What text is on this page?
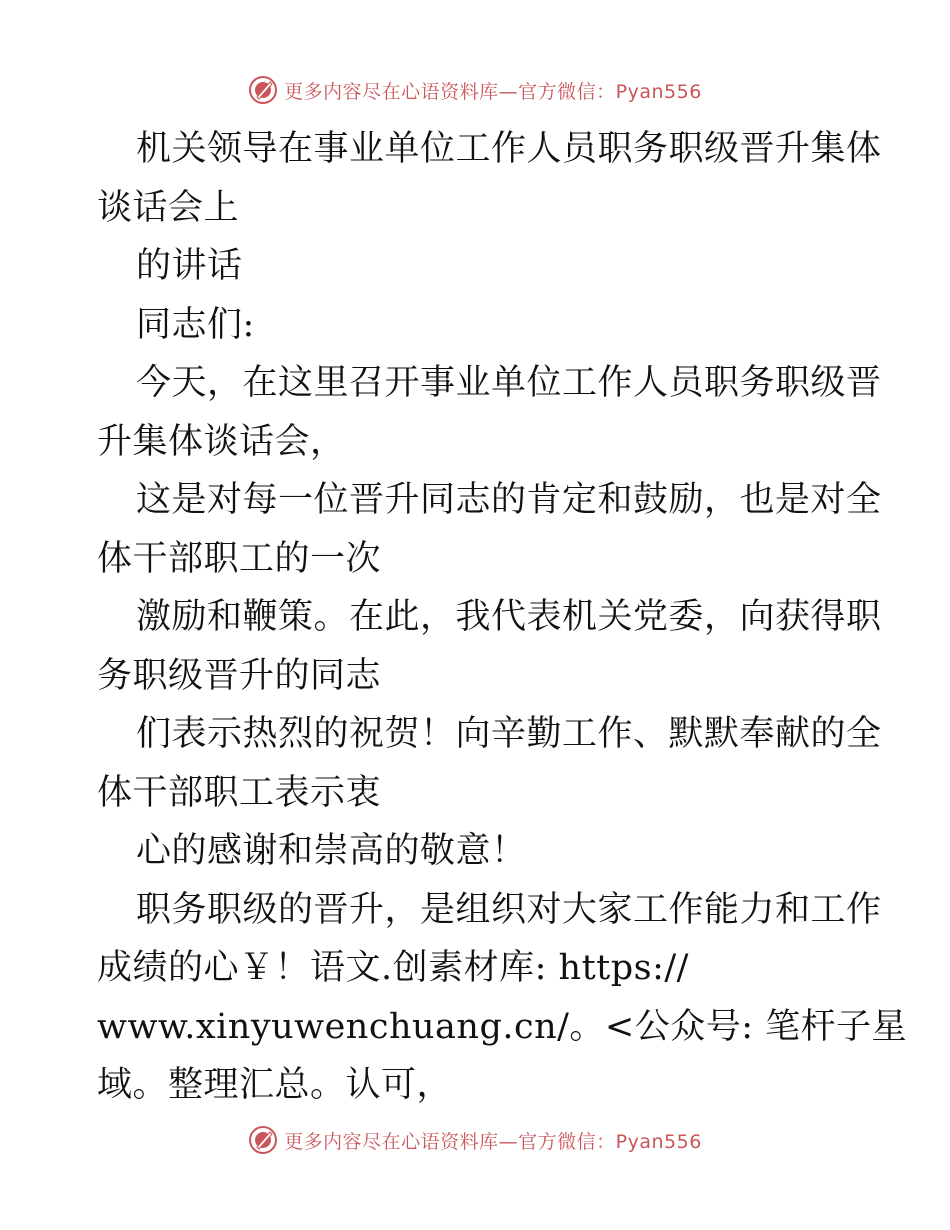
更多内容尽在心语资料库—官方微信：Pyan556
机关领导在事业单位工作人员职务职级晋升集体
谈话会上
的讲话
同志们:
今天，在这里召开事业单位工作人员职务职级晋
升集体谈话会，
这是对每一位晋升同志的肯定和鼓励，也是对全
体干部职工的一次
激励和鞭策。在此，我代表机关党委，向获得职
务职级晋升的同志
们表示热烈的祝贺！向辛勤工作、默默奉献的全
体干部职工表示衷
心的感谢和崇高的敬意！
职务职级的晋升，是组织对大家工作能力和工作
成绩的心￥！语文.创素材库: https://
www.xinyuwenchuang.cn/。<公众号: 笔杆子星
域。整理汇总。认可，
更多内容尽在心语资料库—官方微信：Pyan556
